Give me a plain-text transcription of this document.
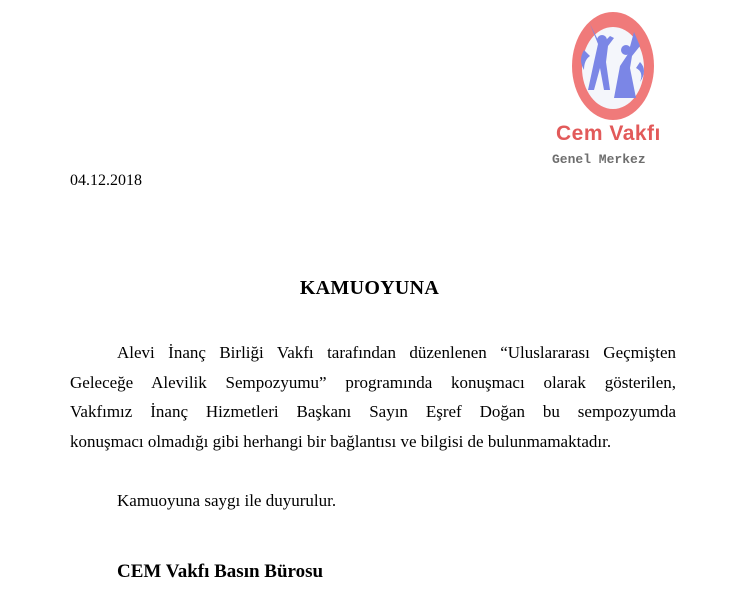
Cem Vakfı
Genel Merkez
04.12.2018
KAMUOYUNA

Alevi İnanç Birliği Vakfı tarafından düzenlenen “Uluslararası Geçmişten
Geleceğe Alevilik Sempozyumu” programında konuşmacı olarak gösterilen,
Vakfımız İnanç Hizmetleri Başkanı Sayın Eşref Doğan bu sempozyumda
konuşmacı olmadığı gibi herhangi bir bağlantısı ve bilgisi de bulunmamaktadır.

Kamuoyuna saygı ile duyurulur.
CEM Vakfı Basın Bürosu
